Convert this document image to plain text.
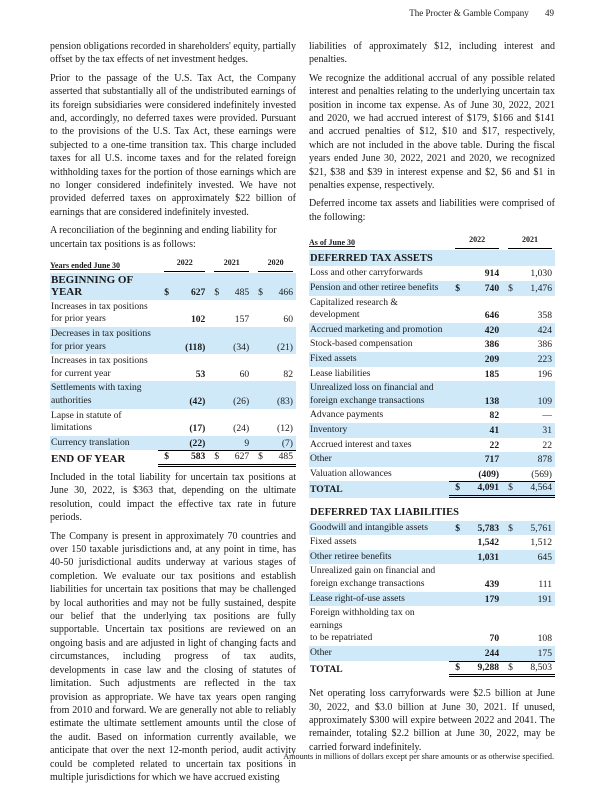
The Procter & Gamble Company 49

pension obligations recorded in shareholders' equity, partially offset by the tax effects of net investment hedges.

Prior to the passage of the U.S. Tax Act, the Company asserted that substantially all of the undistributed earnings of its foreign subsidiaries were considered indefinitely invested and, accordingly, no deferred taxes were provided. Pursuant to the provisions of the U.S. Tax Act, these earnings were subjected to a one-time transition tax. This charge included taxes for all U.S. income taxes and for the related foreign withholding taxes for the portion of those earnings which are no longer considered indefinitely invested. We have not provided deferred taxes on approximately $22 billion of earnings that are considered indefinitely invested.

A reconciliation of the beginning and ending liability for uncertain tax positions is as follows:

Years ended June 30	2022		2021		2020	

BEGINNING OF YEAR	$	627	$	485	$	466
Increases in tax positions
for prior years		102		157		60
Decreases in tax positions
for prior years		(118)		(34)		(21)
Increases in tax positions
for current year		53		60		82
Settlements with taxing
authorities		(42)		(26)		(83)
Lapse in statute of
limitations		(17)		(24)		(12)
Currency translation		(22)		9		(7)
END OF YEAR	$	583	$	627	$	485

Included in the total liability for uncertain tax positions at June 30, 2022, is $363 that, depending on the ultimate resolution, could impact the effective tax rate in future periods.

The Company is present in approximately 70 countries and over 150 taxable jurisdictions and, at any point in time, has 40-50 jurisdictional audits underway at various stages of completion. We evaluate our tax positions and establish liabilities for uncertain tax positions that may be challenged by local authorities and may not be fully sustained, despite our belief that the underlying tax positions are fully supportable. Uncertain tax positions are reviewed on an ongoing basis and are adjusted in light of changing facts and circumstances, including progress of tax audits, developments in case law and the closing of statutes of limitation. Such adjustments are reflected in the tax provision as appropriate. We have tax years open ranging from 2010 and forward. We are generally not able to reliably estimate the ultimate settlement amounts until the close of the audit. Based on information currently available, we anticipate that over the next 12-month period, audit activity could be completed related to uncertain tax positions in multiple jurisdictions for which we have accrued existing

liabilities of approximately $12, including interest and penalties.

We recognize the additional accrual of any possible related interest and penalties relating to the underlying uncertain tax position in income tax expense. As of June 30, 2022, 2021 and 2020, we had accrued interest of $179, $166 and $141 and accrued penalties of $12, $10 and $17, respectively, which are not included in the above table. During the fiscal years ended June 30, 2022, 2021 and 2020, we recognized $21, $38 and $39 in interest expense and $2, $6 and $1 in penalties expense, respectively.

Deferred income tax assets and liabilities were comprised of the following:

As of June 30	2022		2021	

DEFERRED TAX ASSETS				
Loss and other carryforwards		914		1,030
Pension and other retiree benefits	$	740	$	1,476
Capitalized research & development		646		358
Accrued marketing and promotion		420		424
Stock-based compensation		386		386
Fixed assets		209		223
Lease liabilities		185		196
Unrealized loss on financial and
foreign exchange transactions		138		109
Advance payments		82		—
Inventory		41		31
Accrued interest and taxes		22		22
Other		717		878
Valuation allowances		(409)		(569)
TOTAL	$	4,091	$	4,564

DEFERRED TAX LIABILITIES				
Goodwill and intangible assets	$	5,783	$	5,761
Fixed assets		1,542		1,512
Other retiree benefits		1,031		645
Unrealized gain on financial and
foreign exchange transactions		439		111
Lease right-of-use assets		179		191
Foreign withholding tax on earnings
to be repatriated		70		108
Other		244		175
TOTAL	$	9,288	$	8,503

Net operating loss carryforwards were $2.5 billion at June 30, 2022, and $3.0 billion at June 30, 2021. If unused, approximately $300 will expire between 2022 and 2041. The remainder, totaling $2.2 billion at June 30, 2022, may be carried forward indefinitely.

Amounts in millions of dollars except per share amounts or as otherwise specified.
